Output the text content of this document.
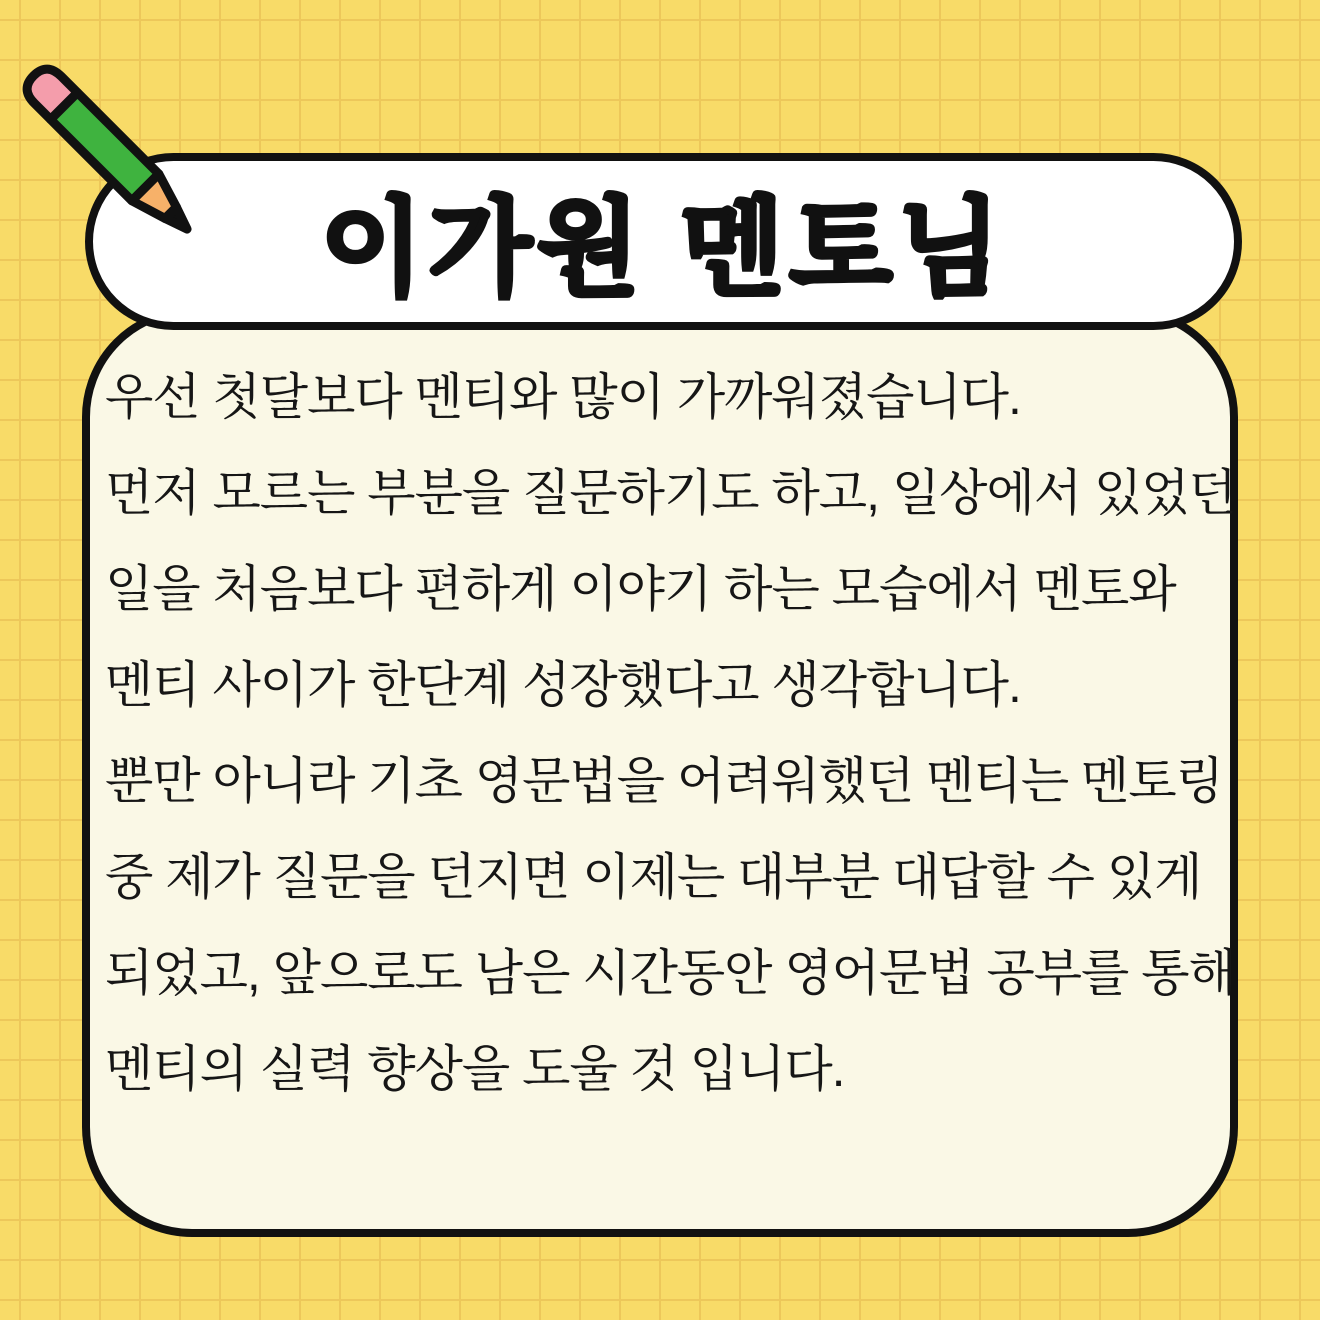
우선 첫달보다 멘티와 많이 가까워졌습니다.
먼저 모르는 부분을 질문하기도 하고, 일상에서 있었던
일을 처음보다 편하게 이야기 하는 모습에서 멘토와
멘티 사이가 한단계 성장했다고 생각합니다.
뿐만 아니라 기초 영문법을 어려워했던 멘티는 멘토링
중 제가 질문을 던지면 이제는 대부분 대답할 수 있게
되었고, 앞으로도 남은 시간동안 영어문법 공부를 통해
멘티의 실력 향상을 도울 것 입니다.
이가원 멘토님
